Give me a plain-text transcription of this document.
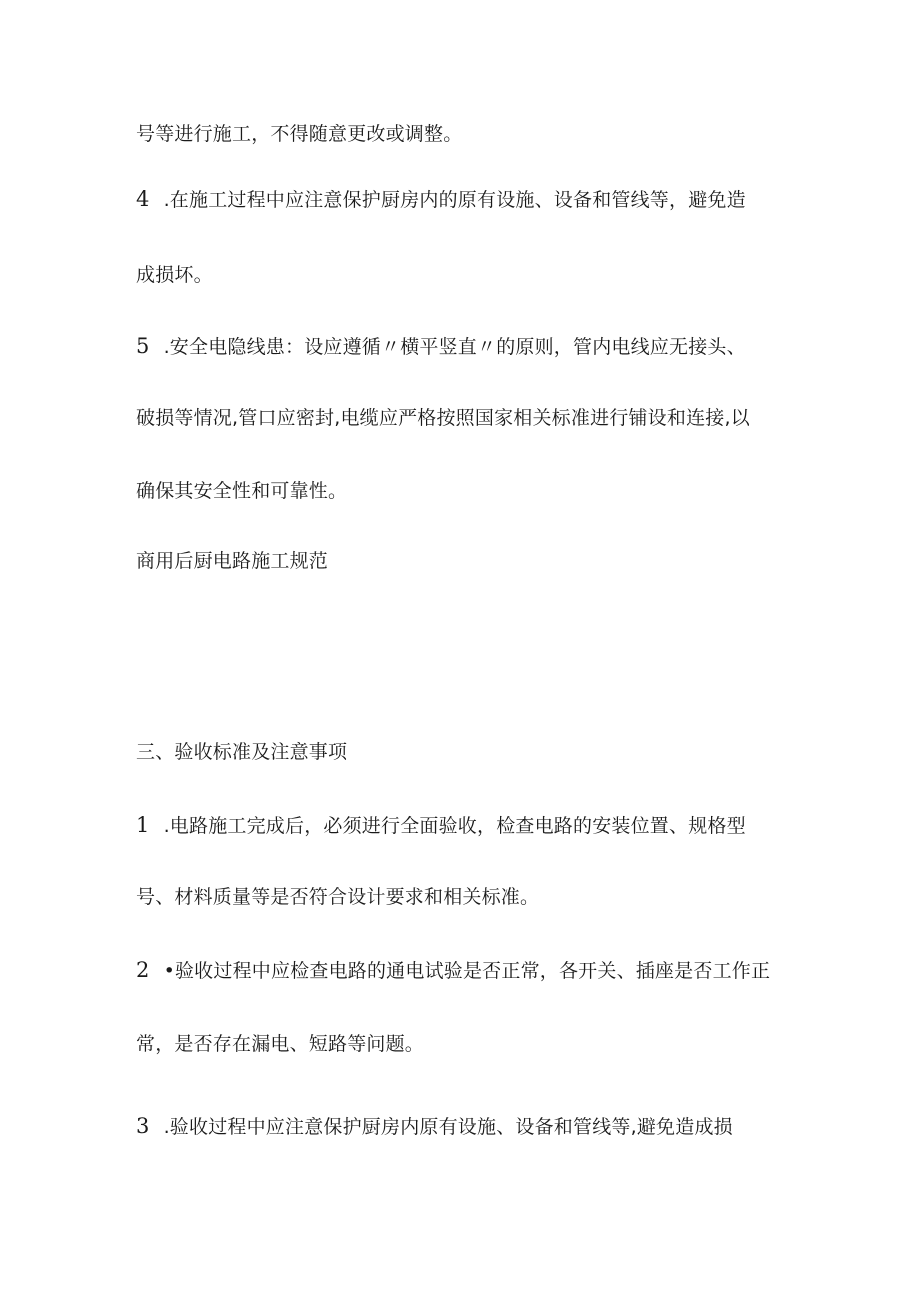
号等进行施工，不得随意更改或调整。
4 .在施工过程中应注意保护厨房内的原有设施、设备和管线等，避免造
成损坏。
5 .安全电隐线患：设应遵循〃横平竖直〃的原则，管内电线应无接头、
破损等情况,管口应密封,电缆应严格按照国家相关标准进行铺设和连接,以
确保其安全性和可靠性。
商用后厨电路施工规范
三、验收标准及注意事项
1 .电路施工完成后，必须进行全面验收，检查电路的安装位置、规格型
号、材料质量等是否符合设计要求和相关标准。
2 •验收过程中应检查电路的通电试验是否正常，各开关、插座是否工作正
常，是否存在漏电、短路等问题。
3 .验收过程中应注意保护厨房内原有设施、设备和管线等,避免造成损
